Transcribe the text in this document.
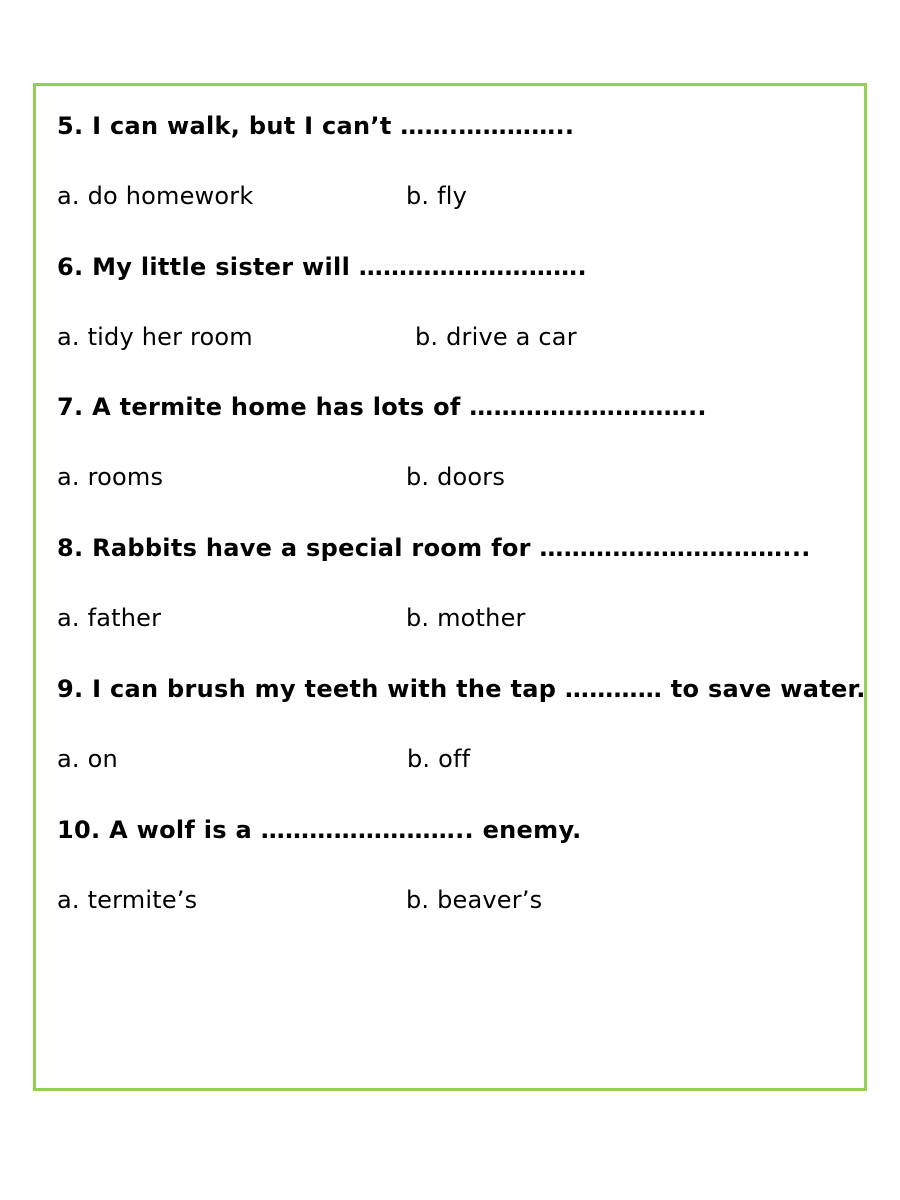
5. I can walk, but I can’t …….…………..

a. do homework	b. fly

6. My little sister will ……………………….

a. tidy her room	b. drive a car

7. A termite home has lots of ………………………..

a. rooms	b. doors

8. Rabbits have a special room for …………………………...

a. father	b. mother

9. I can brush my teeth with the tap ………… to save water.

a. on	b. off

10. A wolf is a …………………….. enemy.

a. termite’s	b. beaver’s
